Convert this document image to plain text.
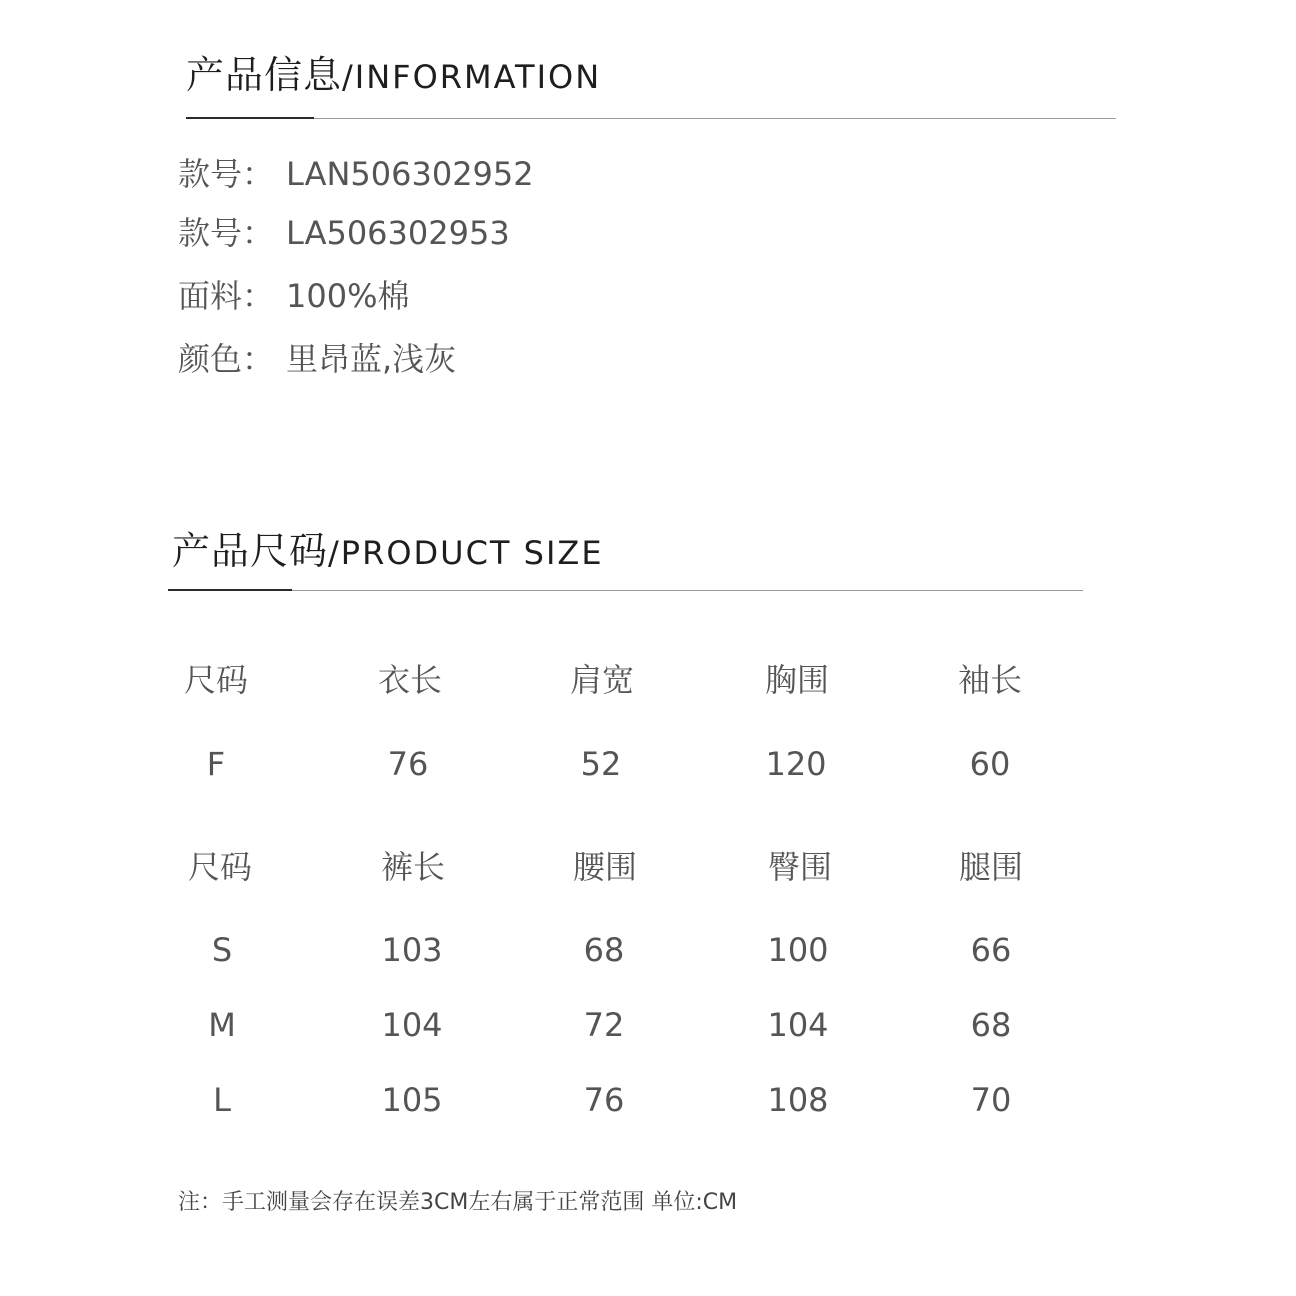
产品信息/INFORMATION
款号： LAN506302952
款号： LA506302953
面料： 100%棉
颜色： 里昂蓝,浅灰
产品尺码/PRODUCT SIZE
尺码	衣长	肩宽	胸围	袖长
F	76	52	120	60
尺码	裤长	腰围	臀围	腿围
S	103	68	100	66
M	104	72	104	68
L	105	76	108	70
注：手工测量会存在误差3CM左右属于正常范围 单位:CM
